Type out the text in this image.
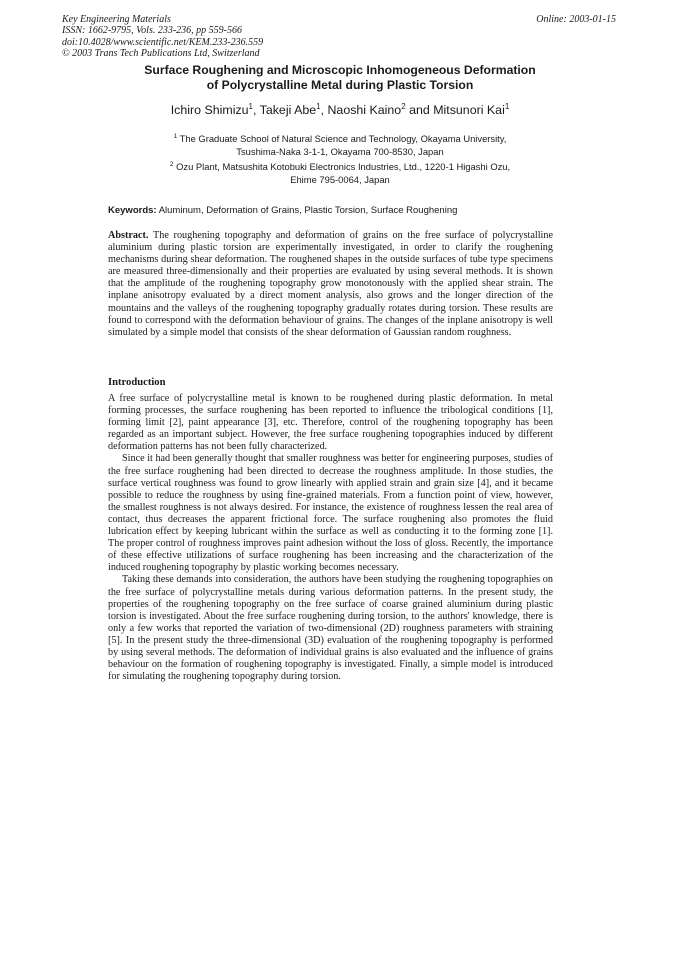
Key Engineering Materials
ISSN: 1662-9795, Vols. 233-236, pp 559-566
doi:10.4028/www.scientific.net/KEM.233-236.559
© 2003 Trans Tech Publications Ltd, Switzerland
Online: 2003-01-15
Surface Roughening and Microscopic Inhomogeneous Deformation
of Polycrystalline Metal during Plastic Torsion
Ichiro Shimizu$^1$, Takeji Abe$^1$, Naoshi Kaino$^2$ and Mitsunori Kai$^1$
$^1$ The Graduate School of Natural Science and Technology, Okayama University,
Tsushima-Naka 3-1-1, Okayama 700-8530, Japan
$^2$ Ozu Plant, Matsushita Kotobuki Electronics Industries, Ltd., 1220-1 Higashi Ozu,
Ehime 795-0064, Japan
Keywords: Aluminum, Deformation of Grains, Plastic Torsion, Surface Roughening
Abstract. The roughening topography and deformation of grains on the free surface of polycrystalline aluminium during plastic torsion are experimentally investigated, in order to clarify the roughening mechanisms during shear deformation. The roughened shapes in the outside surfaces of tube type specimens are measured three-dimensionally and their properties are evaluated by using several methods. It is shown that the amplitude of the roughening topography grow monotonously with the applied shear strain. The inplane anisotropy evaluated by a direct moment analysis, also grows and the longer direction of the mountains and the valleys of the roughening topography gradually rotates during torsion. These results are found to correspond with the deformation behaviour of grains. The changes of the inplane anisotropy is well simulated by a simple model that consists of the shear deformation of Gaussian random roughness.
Introduction

A free surface of polycrystalline metal is known to be roughened during plastic deformation. In metal forming processes, the surface roughening has been reported to influence the tribological conditions [1], forming limit [2], paint appearance [3], etc. Therefore, control of the roughening topography has been regarded as an important subject. However, the free surface roughening topographies induced by different deformation patterns has not been fully characterized.

Since it had been generally thought that smaller roughness was better for engineering purposes, studies of the free surface roughening had been directed to decrease the roughness amplitude. In those studies, the surface vertical roughness was found to grow linearly with applied strain and grain size [4], and it became possible to reduce the roughness by using fine-grained materials. From a function point of view, however, the smallest roughness is not always desired. For instance, the existence of roughness lessen the real area of contact, thus decreases the apparent frictional force. The surface roughening also promotes the fluid lubrication effect by keeping lubricant within the surface as well as conducting it to the forming zone [1]. The proper control of roughness improves paint adhesion without the loss of gloss. Recently, the importance of these effective utilizations of surface roughening has been increasing and the characterization of the induced roughening topography by plastic working becomes necessary.

Taking these demands into consideration, the authors have been studying the roughening topographies on the free surface of polycrystalline metals during various deformation patterns. In the present study, the properties of the roughening topography on the free surface of coarse grained aluminium during plastic torsion is investigated. About the free surface roughening during torsion, to the authors' knowledge, there is only a few works that reported the variation of two-dimensional (2D) roughness parameters with straining [5]. In the present study the three-dimensional (3D) evaluation of the roughening topography is performed by using several methods. The deformation of individual grains is also evaluated and the influence of grains behaviour on the formation of roughening topography is investigated. Finally, a simple model is introduced for simulating the roughening topography during torsion.
